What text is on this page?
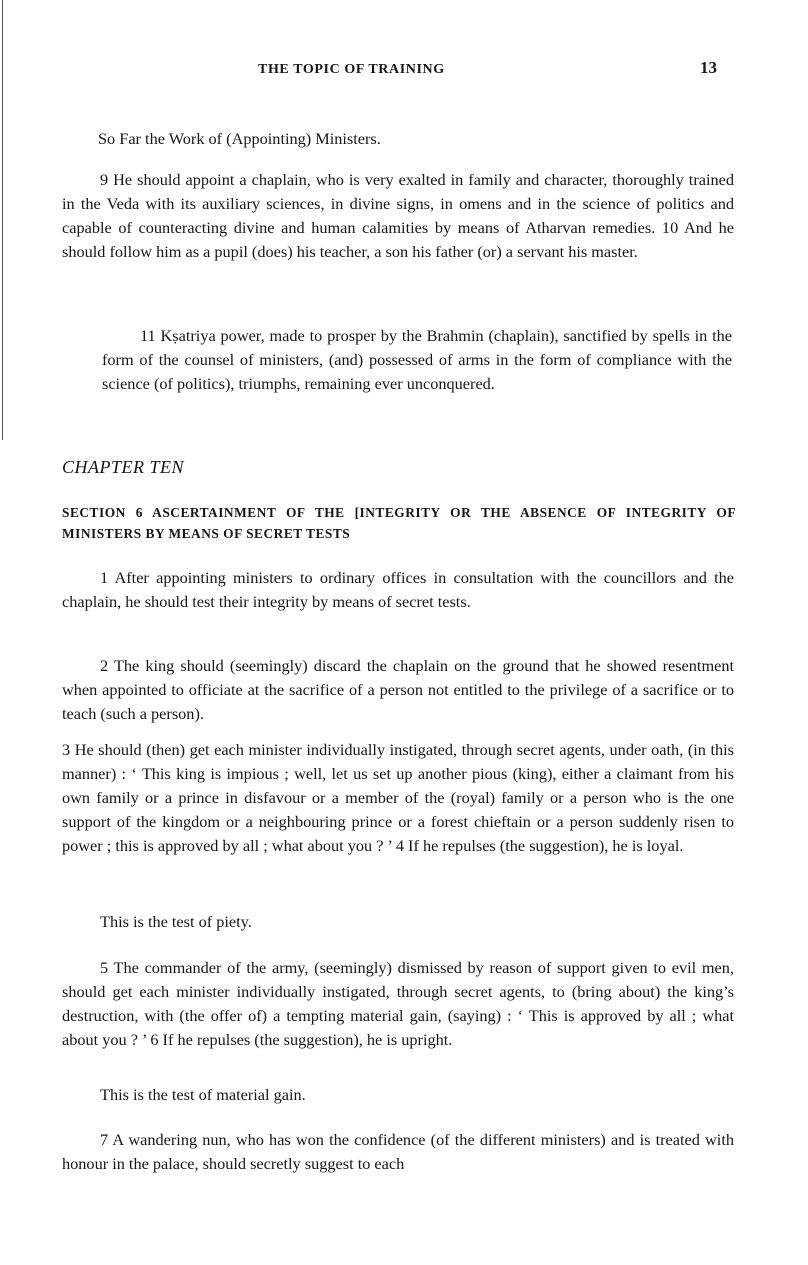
THE TOPIC OF TRAINING	13
So Far the Work of (Appointing) Ministers.
9 He should appoint a chaplain, who is very exalted in family and character, thoroughly trained in the Veda with its auxiliary sciences, in divine signs, in omens and in the science of politics and capable of counteracting divine and human calamities by means of Atharvan remedies. 10 And he should follow him as a pupil (does) his teacher, a son his father (or) a servant his master.
11 Kṣatriya power, made to prosper by the Brahmin (chaplain), sanctified by spells in the form of the counsel of ministers, (and) possessed of arms in the form of compliance with the science (of politics), triumphs, remaining ever unconquered.
CHAPTER TEN
SECTION 6 ASCERTAINMENT OF THE [INTEGRITY OR THE ABSENCE OF INTEGRITY OF MINISTERS BY MEANS OF SECRET TESTS
1 After appointing ministers to ordinary offices in consultation with the councillors and the chaplain, he should test their integrity by means of secret tests.
2 The king should (seemingly) discard the chaplain on the ground that he showed resentment when appointed to officiate at the sacrifice of a person not entitled to the privilege of a sacrifice or to teach (such a person).
3 He should (then) get each minister individually instigated, through secret agents, under oath, (in this manner) : ‘ This king is impious ; well, let us set up another pious (king), either a claimant from his own family or a prince in disfavour or a member of the (royal) family or a person who is the one support of the kingdom or a neighbouring prince or a forest chieftain or a person suddenly risen to power ; this is approved by all ; what about you ? ’ 4 If he repulses (the suggestion), he is loyal.
This is the test of piety.
5 The commander of the army, (seemingly) dismissed by reason of support given to evil men, should get each minister individually instigated, through secret agents, to (bring about) the king’s destruction, with (the offer of) a tempting material gain, (saying) : ‘ This is approved by all ; what about you ? ’ 6 If he repulses (the suggestion), he is upright.
This is the test of material gain.
7 A wandering nun, who has won the confidence (of the different ministers) and is treated with honour in the palace, should secretly suggest to each
